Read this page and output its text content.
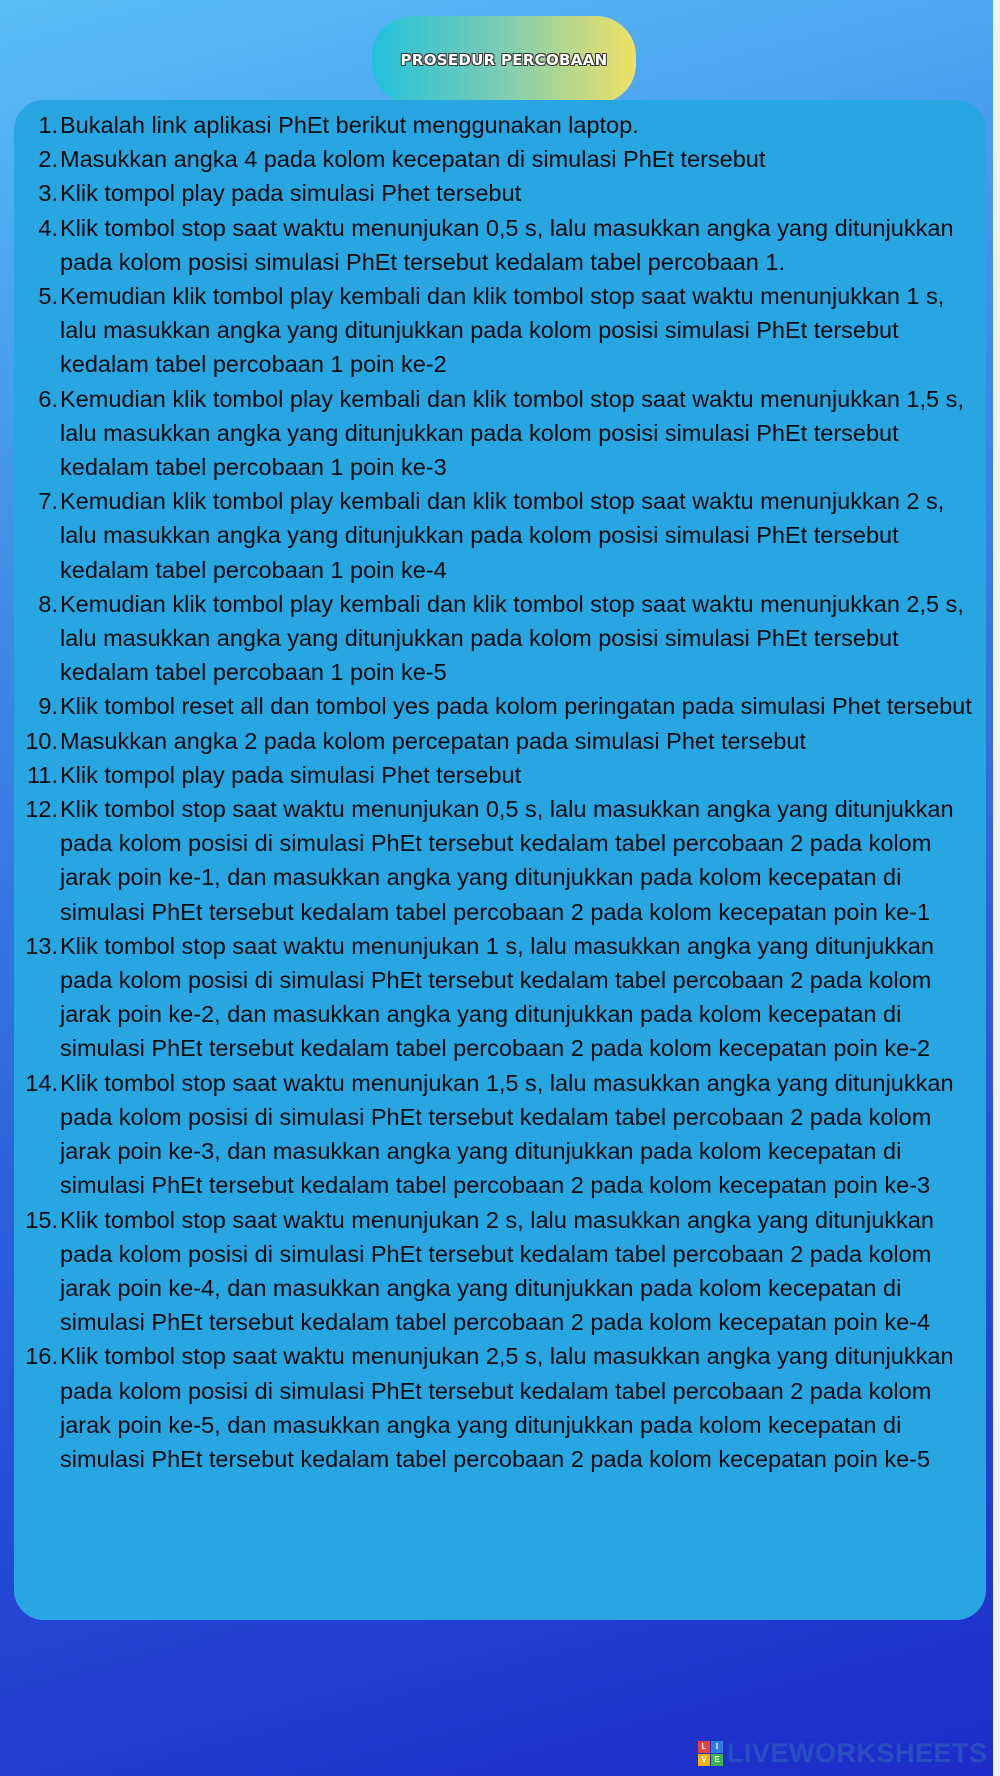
PROSEDUR PERCOBAAN
1. Bukalah link aplikasi PhEt berikut menggunakan laptop.
2. Masukkan angka 4 pada kolom kecepatan di simulasi PhEt tersebut
3. Klik tompol play pada simulasi Phet tersebut
4. Klik tombol stop saat waktu menunjukan 0,5 s, lalu masukkan angka yang ditunjukkan pada kolom posisi simulasi PhEt tersebut kedalam tabel percobaan 1.
5. Kemudian klik tombol play kembali dan klik tombol stop saat waktu menunjukkan 1 s, lalu masukkan angka yang ditunjukkan pada kolom posisi simulasi PhEt tersebut kedalam tabel percobaan 1 poin ke-2
6. Kemudian klik tombol play kembali dan klik tombol stop saat waktu menunjukkan 1,5 s, lalu masukkan angka yang ditunjukkan pada kolom posisi simulasi PhEt tersebut kedalam tabel percobaan 1 poin ke-3
7. Kemudian klik tombol play kembali dan klik tombol stop saat waktu menunjukkan 2 s, lalu masukkan angka yang ditunjukkan pada kolom posisi simulasi PhEt tersebut kedalam tabel percobaan 1 poin ke-4
8. Kemudian klik tombol play kembali dan klik tombol stop saat waktu menunjukkan 2,5 s, lalu masukkan angka yang ditunjukkan pada kolom posisi simulasi PhEt tersebut kedalam tabel percobaan 1 poin ke-5
9. Klik tombol reset all dan tombol yes pada kolom peringatan pada simulasi Phet tersebut
10. Masukkan angka 2 pada kolom percepatan pada simulasi Phet tersebut
11. Klik tompol play pada simulasi Phet tersebut
12. Klik tombol stop saat waktu menunjukan 0,5 s, lalu masukkan angka yang ditunjukkan pada kolom posisi di simulasi PhEt tersebut kedalam tabel percobaan 2 pada kolom jarak poin ke-1, dan masukkan angka yang ditunjukkan pada kolom kecepatan di simulasi PhEt tersebut kedalam tabel percobaan 2 pada kolom kecepatan poin ke-1
13. Klik tombol stop saat waktu menunjukan 1 s, lalu masukkan angka yang ditunjukkan pada kolom posisi di simulasi PhEt tersebut kedalam tabel percobaan 2 pada kolom jarak poin ke-2, dan masukkan angka yang ditunjukkan pada kolom kecepatan di simulasi PhEt tersebut kedalam tabel percobaan 2 pada kolom kecepatan poin ke-2
14. Klik tombol stop saat waktu menunjukan 1,5 s, lalu masukkan angka yang ditunjukkan pada kolom posisi di simulasi PhEt tersebut kedalam tabel percobaan 2 pada kolom jarak poin ke-3, dan masukkan angka yang ditunjukkan pada kolom kecepatan di simulasi PhEt tersebut kedalam tabel percobaan 2 pada kolom kecepatan poin ke-3
15. Klik tombol stop saat waktu menunjukan 2 s, lalu masukkan angka yang ditunjukkan pada kolom posisi di simulasi PhEt tersebut kedalam tabel percobaan 2 pada kolom jarak poin ke-4, dan masukkan angka yang ditunjukkan pada kolom kecepatan di simulasi PhEt tersebut kedalam tabel percobaan 2 pada kolom kecepatan poin ke-4
16. Klik tombol stop saat waktu menunjukan 2,5 s, lalu masukkan angka yang ditunjukkan pada kolom posisi di simulasi PhEt tersebut kedalam tabel percobaan 2 pada kolom jarak poin ke-5, dan masukkan angka yang ditunjukkan pada kolom kecepatan di simulasi PhEt tersebut kedalam tabel percobaan 2 pada kolom kecepatan poin ke-5
L	I
V E LIVEWORKSHEETS
